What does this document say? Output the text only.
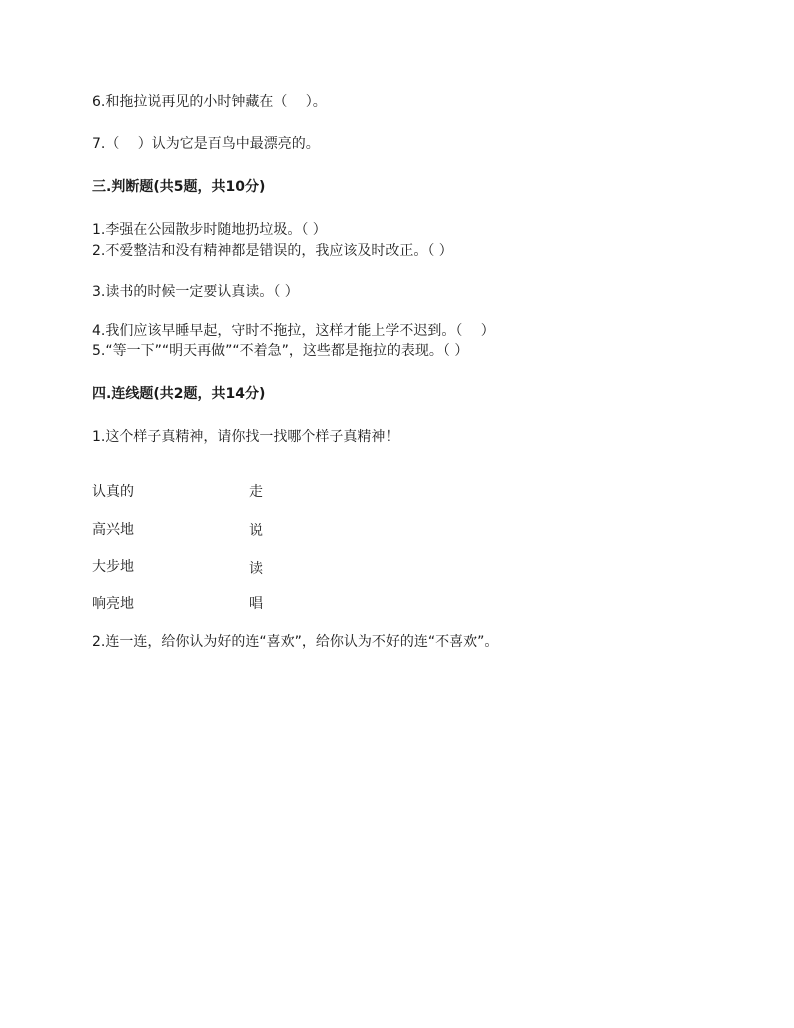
6.和拖拉说再见的小时钟藏在（　 ）。
7.（　 ）认为它是百鸟中最漂亮的。
三.判断题(共5题，共10分)
1.李强在公园散步时随地扔垃圾。（ ）
2.不爱整洁和没有精神都是错误的，我应该及时改正。（ ）
3.读书的时候一定要认真读。（ ）
4.我们应该早睡早起，守时不拖拉，这样才能上学不迟到。（　 ）
5.“等一下”“明天再做”“不着急”，这些都是拖拉的表现。（ ）
四.连线题(共2题，共14分)
1.这个样子真精神，请你找一找哪个样子真精神！
认真的	走
高兴地	说
大步地	读
响亮地	唱
2.连一连，给你认为好的连“喜欢”，给你认为不好的连“不喜欢”。
